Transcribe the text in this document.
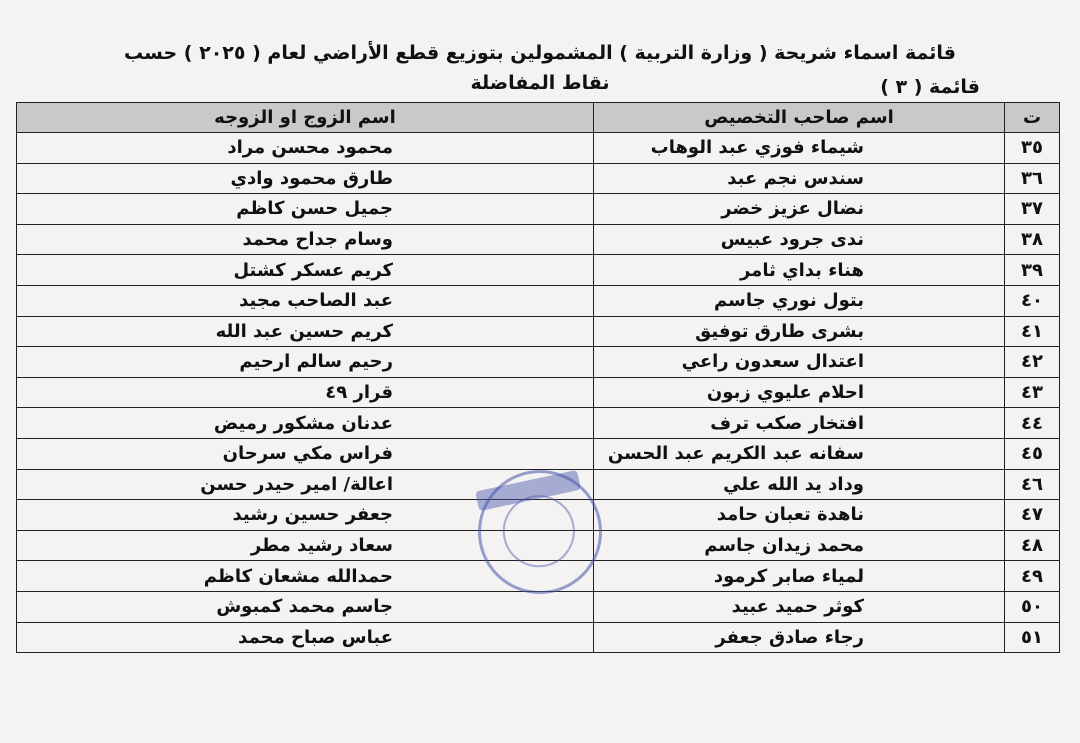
قائمة اسماء شريحة ( وزارة التربية ) المشمولين بتوزيع قطع الأراضي لعام ( ٢٠٢٥ ) حسب نقاط المفاضلة	قائمة ( ٣ )
ت	اسم صاحب التخصيص	اسم الزوج او الزوجه
٣٥	شيماء فوزي عبد الوهاب	محمود محسن مراد
٣٦	سندس نجم عبد	طارق محمود وادي
٣٧	نضال عزيز خضر	جميل حسن كاظم
٣٨	ندى جرود عبيس	وسام جداح محمد
٣٩	هناء بداي ثامر	كريم عسكر كشتل
٤٠	بتول نوري جاسم	عبد الصاحب مجيد
٤١	بشرى طارق توفيق	كريم حسين عبد الله
٤٢	اعتدال سعدون راعي	رحيم سالم ارحيم
٤٣	احلام عليوي زبون	قرار ٤٩
٤٤	افتخار صكب ترف	عدنان مشكور رميض
٤٥	سفانه عبد الكريم عبد الحسن	فراس مكي سرحان
٤٦	وداد يد الله علي	اعالة/ امير حيدر حسن
٤٧	ناهدة تعبان حامد	جعفر حسين رشيد
٤٨	محمد زيدان جاسم	سعاد رشيد مطر
٤٩	لمياء صابر كرمود	حمدالله مشعان كاظم
٥٠	كوثر حميد عبيد	جاسم محمد كمبوش
٥١	رجاء صادق جعفر	عباس صباح محمد
